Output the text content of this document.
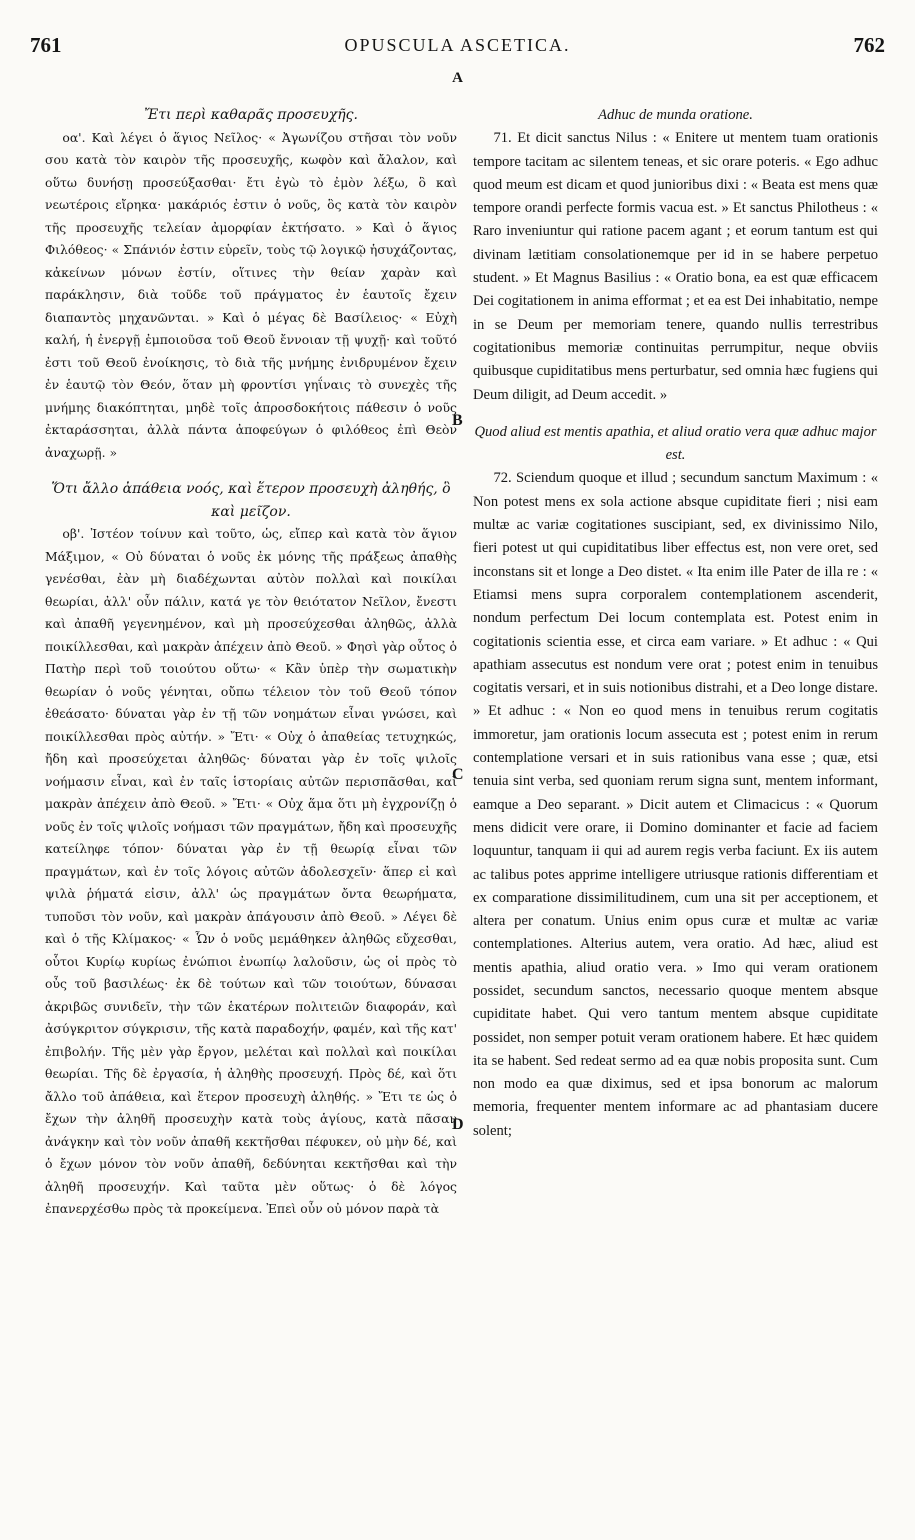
761	OPUSCULA ASCETICA.	762
A

Ἔτι περὶ καθαρᾶς προσευχῆς.

οα'. Καὶ λέγει ὁ ἅγιος Νεῖλος· « Ἀγωνίζου στῆσαι τὸν νοῦν σου κατὰ τὸν καιρὸν τῆς προσευχῆς, κωφὸν καὶ ἄλαλον, καὶ οὕτω δυνήσῃ προσεύξασθαι· ἔτι ἐγὼ τὸ ἐμὸν λέξω, ὃ καὶ νεωτέροις εἴρηκα· μακάριός ἐστιν ὁ νοῦς, ὃς κατὰ τὸν καιρὸν τῆς προσευχῆς τελείαν ἀμορφίαν ἐκτήσατο. » Καὶ ὁ ἅγιος Φιλόθεος· « Σπάνιόν ἐστιν εὑρεῖν, τοὺς τῷ λογικῷ ἡσυχάζοντας, κἀκείνων μόνων ἐστίν, οἵτινες τὴν θείαν χαρὰν καὶ παράκλησιν, διὰ τοῦδε τοῦ πράγματος ἐν ἑαυτοῖς ἔχειν διαπαντὸς μηχανῶνται. » Καὶ ὁ μέγας δὲ Βασίλειος· « Εὐχὴ καλή, ἡ ἐνεργῇ ἐμποιοῦσα τοῦ Θεοῦ ἔννοιαν τῇ ψυχῇ· καὶ τοῦτό ἐστι τοῦ Θεοῦ ἐνοίκησις, τὸ διὰ τῆς μνήμης ἐνιδρυμένον ἔχειν ἐν ἑαυτῷ τὸν Θεόν, ὅταν μὴ φροντίσι γηΐναις τὸ συνεχὲς τῆς μνήμης διακόπτηται, μηδὲ τοῖς ἀπροσδοκήτοις πάθεσιν ὁ νοῦς ἐκταράσσηται, ἀλλὰ πάντα ἀποφεύγων ὁ φιλόθεος ἐπὶ Θεὸν ἀναχωρῇ. »

Ὅτι ἄλλο ἀπάθεια νοός, καὶ ἕτερον προσευχὴ ἀληθής, ὃ καὶ μεῖζον.

οβ'. Ἰστέον τοίνυν καὶ τοῦτο, ὡς, εἴπερ καὶ κατὰ τὸν ἅγιον Μάξιμον, « Οὐ δύναται ὁ νοῦς ἐκ μόνης τῆς πράξεως ἀπαθὴς γενέσθαι, ἐὰν μὴ διαδέχωνται αὐτὸν πολλαὶ καὶ ποικίλαι θεωρίαι, ἀλλ' οὖν πάλιν, κατά γε τὸν θειότατον Νεῖλον, ἔνεστι καὶ ἀπαθῆ γεγενημένον, καὶ μὴ προσεύχεσθαι ἀληθῶς, ἀλλὰ ποικίλλεσθαι, καὶ μακρὰν ἀπέχειν ἀπὸ Θεοῦ. » Φησὶ γὰρ οὗτος ὁ Πατὴρ περὶ τοῦ τοιούτου οὕτω· « Κἂν ὑπὲρ τὴν σωματικὴν θεωρίαν ὁ νοῦς γένηται, οὔπω τέλειον τὸν τοῦ Θεοῦ τόπον ἐθεάσατο· δύναται γὰρ ἐν τῇ τῶν νοημάτων εἶναι γνώσει, καὶ ποικίλλεσθαι πρὸς αὐτήν. » Ἔτι· « Οὐχ ὁ ἀπαθείας τετυχηκώς, ἤδη καὶ προσεύχεται ἀληθῶς· δύναται γὰρ ἐν τοῖς ψιλοῖς νοήμασιν εἶναι, καὶ ἐν ταῖς ἱστορίαις αὐτῶν περισπᾶσθαι, καὶ μακρὰν ἀπέχειν ἀπὸ Θεοῦ. » Ἔτι· « Οὐχ ἅμα ὅτι μὴ ἐγχρονίζῃ ὁ νοῦς ἐν τοῖς ψιλοῖς νοήμασι τῶν πραγμάτων, ἤδη καὶ προσευχῆς κατείληφε τόπον· δύναται γὰρ ἐν τῇ θεωρίᾳ εἶναι τῶν πραγμάτων, καὶ ἐν τοῖς λόγοις αὐτῶν ἀδολεσχεῖν· ἅπερ εἰ καὶ ψιλὰ ῥήματά εἰσιν, ἀλλ' ὡς πραγμάτων ὄντα θεωρήματα, τυποῦσι τὸν νοῦν, καὶ μακρὰν ἀπάγουσιν ἀπὸ Θεοῦ. » Λέγει δὲ καὶ ὁ τῆς Κλίμακος· « Ὧν ὁ νοῦς μεμάθηκεν ἀληθῶς εὔχεσθαι, οὗτοι Κυρίῳ κυρίως ἐνώπιοι ἐνωπίῳ λαλοῦσιν, ὡς οἱ πρὸς τὸ οὖς τοῦ βασιλέως· ἐκ δὲ τούτων καὶ τῶν τοιούτων, δύνασαι ἀκριβῶς συνιδεῖν, τὴν τῶν ἑκατέρων πολιτειῶν διαφοράν, καὶ ἀσύγκριτον σύγκρισιν, τῆς κατὰ παραδοχήν, φαμέν, καὶ τῆς κατ' ἐπιβολήν. Τῆς μὲν γὰρ ἔργον, μελέται καὶ πολλαὶ καὶ ποικίλαι θεωρίαι. Τῆς δὲ ἐργασία, ἡ ἀληθὴς προσευχή. Πρὸς δέ, καὶ ὅτι ἄλλο τοῦ ἀπάθεια, καὶ ἕτερον προσευχὴ ἀληθής. » Ἔτι τε ὡς ὁ ἔχων τὴν ἀληθῆ προσευχὴν κατὰ τοὺς ἁγίους, κατὰ πᾶσαν ἀνάγκην καὶ τὸν νοῦν ἀπαθῆ κεκτῆσθαι πέφυκεν, οὐ μὴν δέ, καὶ ὁ ἔχων μόνον τὸν νοῦν ἀπαθῆ, δεδύνηται κεκτῆσθαι καὶ τὴν ἀληθῆ προσευχήν. Καὶ ταῦτα μὲν οὕτως· ὁ δὲ λόγος ἐπανερχέσθω πρὸς τὰ προκείμενα. Ἐπεὶ οὖν οὐ μόνον παρὰ τὰ

B
C
D

Adhuc de munda oratione.

71. Et dicit sanctus Nilus : « Enitere ut mentem tuam orationis tempore tacitam ac silentem teneas, et sic orare poteris. « Ego adhuc quod meum est dicam et quod junioribus dixi : « Beata est mens quæ tempore orandi perfecte formis vacua est. » Et sanctus Philotheus : « Raro inveniuntur qui ratione pacem agant ; et eorum tantum est qui divinam lætitiam consolationemque per id in se habere perpetuo student. » Et Magnus Basilius : « Oratio bona, ea est quæ efficacem Dei cogitationem in anima efformat ; et ea est Dei inhabitatio, nempe in se Deum per memoriam tenere, quando nullis terrestribus cogitationibus memoriæ continuitas perrumpitur, neque obviis quibusque cupiditatibus mens perturbatur, sed omnia hæc fugiens qui Deum diligit, ad Deum accedit. »

Quod aliud est mentis apathia, et aliud oratio vera quæ adhuc major est.

72. Sciendum quoque et illud ; secundum sanctum Maximum : « Non potest mens ex sola actione absque cupiditate fieri ; nisi eam multæ ac variæ cogitationes suscipiant, sed, ex divinissimo Nilo, fieri potest ut qui cupiditatibus liber effectus est, non vere oret, sed inconstans sit et longe a Deo distet. « Ita enim ille Pater de illa re : « Etiamsi mens supra corporalem contemplationem ascenderit, nondum perfectum Dei locum contemplata est. Potest enim in cogitationis scientia esse, et circa eam variare. » Et adhuc : « Qui apathiam assecutus est nondum vere orat ; potest enim in tenuibus cogitatis versari, et in suis notionibus distrahi, et a Deo longe distare. » Et adhuc : « Non eo quod mens in tenuibus rerum cogitatis immoretur, jam orationis locum assecuta est ; potest enim in rerum contemplatione versari et in suis rationibus vana esse ; quæ, etsi tenuia sint verba, sed quoniam rerum signa sunt, mentem informant, eamque a Deo separant. » Dicit autem et Climacicus : « Quorum mens didicit vere orare, ii Domino dominanter et facie ad faciem loquuntur, tanquam ii qui ad aurem regis verba faciunt. Ex iis autem ac talibus potes apprime intelligere utriusque rationis differentiam et ex comparatione dissimilitudinem, cum una sit per acceptionem, et altera per conatum. Unius enim opus curæ et multæ ac variæ contemplationes. Alterius autem, vera oratio. Ad hæc, aliud est mentis apathia, aliud oratio vera. » Imo qui veram orationem possidet, secundum sanctos, necessario quoque mentem absque cupiditate habet. Qui vero tantum mentem absque cupiditate possidet, non semper potuit veram orationem habere. Et hæc quidem ita se habent. Sed redeat sermo ad ea quæ nobis proposita sunt. Cum non modo ea quæ diximus, sed et ipsa bonorum ac malorum memoria, frequenter mentem informare ac ad phantasiam ducere solent;
